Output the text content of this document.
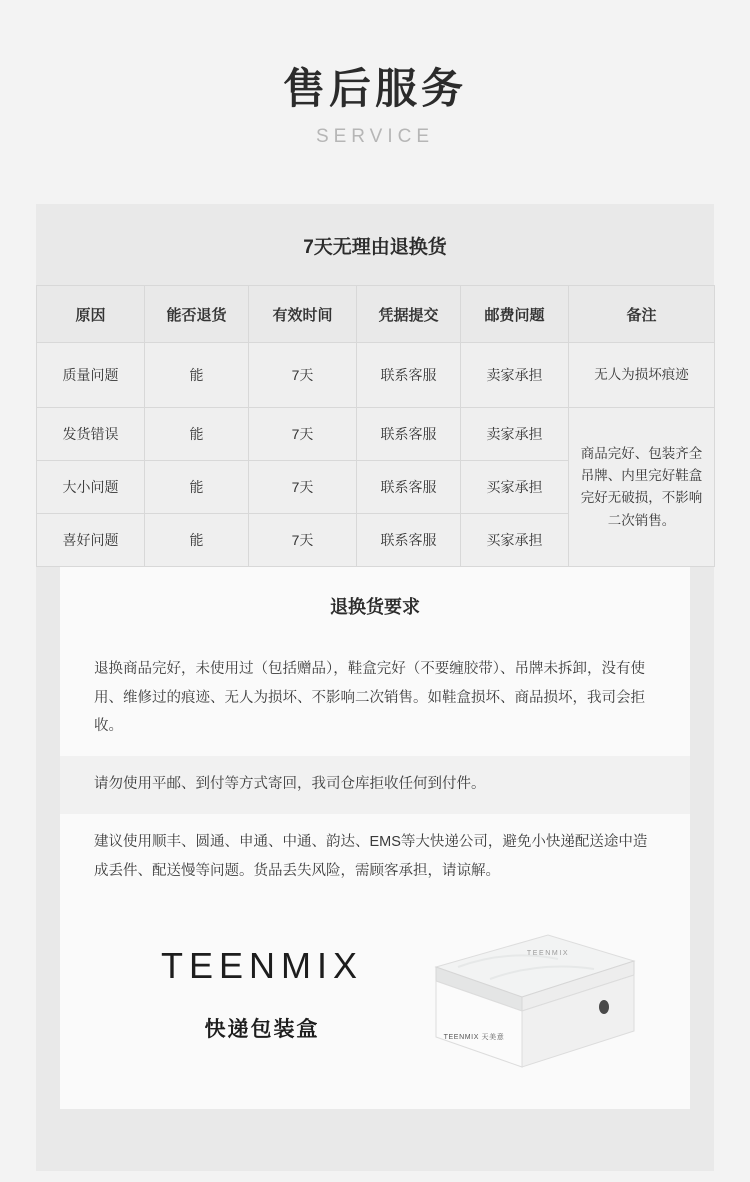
售后服务
SERVICE
7天无理由退换货
原因	能否退货	有效时间	凭据提交	邮费问题	备注
质量问题	能	7天	联系客服	卖家承担	无人为损坏痕迹
发货错误	能	7天	联系客服	卖家承担	商品完好、包装齐全吊牌、内里完好鞋盒完好无破损，不影响二次销售。
大小问题	能	7天	联系客服	买家承担	
喜好问题	能	7天	联系客服	买家承担	
退换货要求
退换商品完好，未使用过（包括赠品），鞋盒完好（不要缠胶带）、吊牌未拆卸，没有使用、维修过的痕迹、无人为损坏、不影响二次销售。如鞋盒损坏、商品损坏，我司会拒收。
请勿使用平邮、到付等方式寄回，我司仓库拒收任何到付件。
建议使用顺丰、圆通、申通、中通、韵达、EMS等大快递公司，避免小快递配送途中造成丢件、配送慢等问题。货品丢失风险，需顾客承担，请谅解。
TEENMIX
快递包装盒
TEENMIX
TEENMIX 天美意
